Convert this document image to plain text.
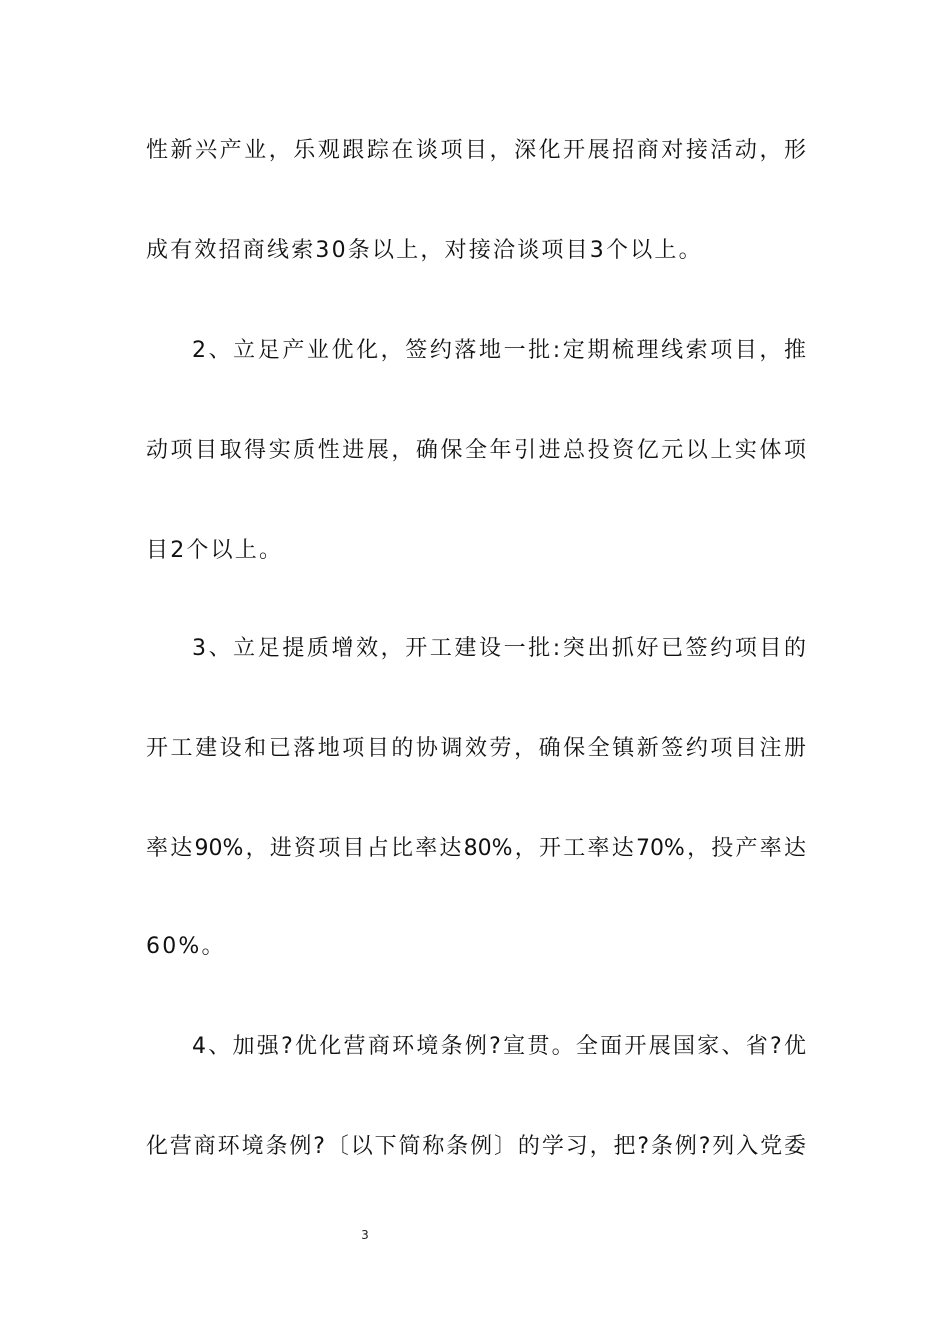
性新兴产业，乐观跟踪在谈项目，深化开展招商对接活动，形
成有效招商线索30条以上，对接洽谈项目3个以上。
2、立足产业优化，签约落地一批:定期梳理线索项目，推
动项目取得实质性进展，确保全年引进总投资亿元以上实体项
目2个以上。
3、立足提质增效，开工建设一批:突出抓好已签约项目的
开工建设和已落地项目的协调效劳，确保全镇新签约项目注册
率达90%，进资项目占比率达80%，开工率达70%，投产率达
60%。
4、加强?优化营商环境条例?宣贯。全面开展国家、省?优
化营商环境条例?〔以下简称条例〕的学习，把?条例?列入党委
3
